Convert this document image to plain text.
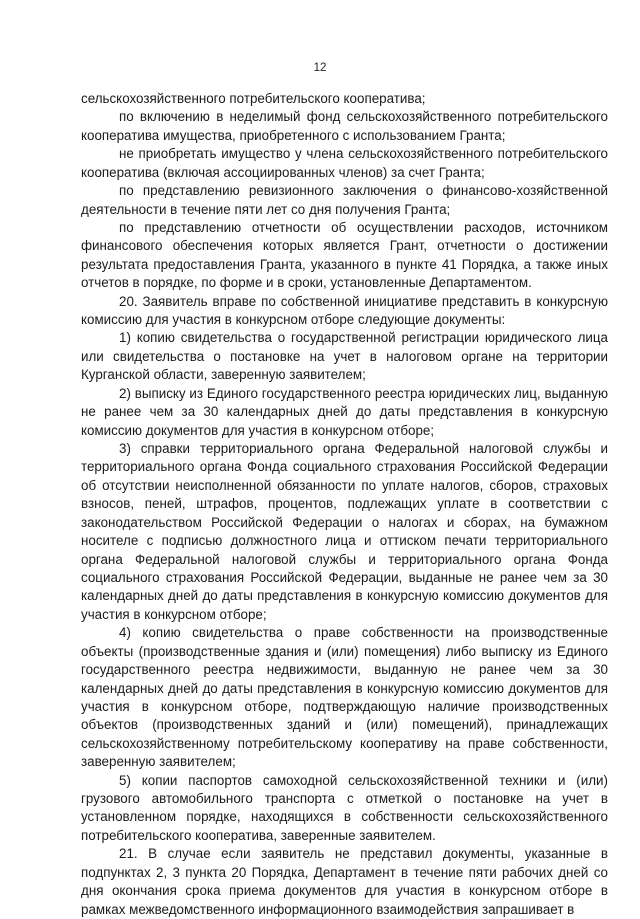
12

сельскохозяйственного потребительского кооператива;

по включению в неделимый фонд сельскохозяйственного потребительского кооператива имущества, приобретенного с использованием Гранта;

не приобретать имущество у члена сельскохозяйственного потребительского кооператива (включая ассоциированных членов) за счет Гранта;

по представлению ревизионного заключения о финансово-хозяйственной деятельности в течение пяти лет со дня получения Гранта;

по представлению отчетности об осуществлении расходов, источником финансового обеспечения которых является Грант, отчетности о достижении результата предоставления Гранта, указанного в пункте 41 Порядка, а также иных отчетов в порядке, по форме и в сроки, установленные Департаментом.

20. Заявитель вправе по собственной инициативе представить в конкурсную комиссию для участия в конкурсном отборе следующие документы:

1) копию свидетельства о государственной регистрации юридического лица или свидетельства о постановке на учет в налоговом органе на территории Курганской области, заверенную заявителем;

2) выписку из Единого государственного реестра юридических лиц, выданную не ранее чем за 30 календарных дней до даты представления в конкурсную комиссию документов для участия в конкурсном отборе;

3) справки территориального органа Федеральной налоговой службы и территориального органа Фонда социального страхования Российской Федерации об отсутствии неисполненной обязанности по уплате налогов, сборов, страховых взносов, пеней, штрафов, процентов, подлежащих уплате в соответствии с законодательством Российской Федерации о налогах и сборах, на бумажном носителе с подписью должностного лица и оттиском печати территориального органа Федеральной налоговой службы и территориального органа Фонда социального страхования Российской Федерации, выданные не ранее чем за 30 календарных дней до даты представления в конкурсную комиссию документов для участия в конкурсном отборе;

4) копию свидетельства о праве собственности на производственные объекты (производственные здания и (или) помещения) либо выписку из Единого государственного реестра недвижимости, выданную не ранее чем за 30 календарных дней до даты представления в конкурсную комиссию документов для участия в конкурсном отборе, подтверждающую наличие производственных объектов (производственных зданий и (или) помещений), принадлежащих сельскохозяйственному потребительскому кооперативу на праве собственности, заверенную заявителем;

5) копии паспортов самоходной сельскохозяйственной техники и (или) грузового автомобильного транспорта с отметкой о постановке на учет в установленном порядке, находящихся в собственности сельскохозяйственного потребительского кооператива, заверенные заявителем.

21. В случае если заявитель не представил документы, указанные в подпунктах 2, 3 пункта 20 Порядка, Департамент в течение пяти рабочих дней со дня окончания срока приема документов для участия в конкурсном отборе в рамках межведомственного информационного взаимодействия запрашивает в
